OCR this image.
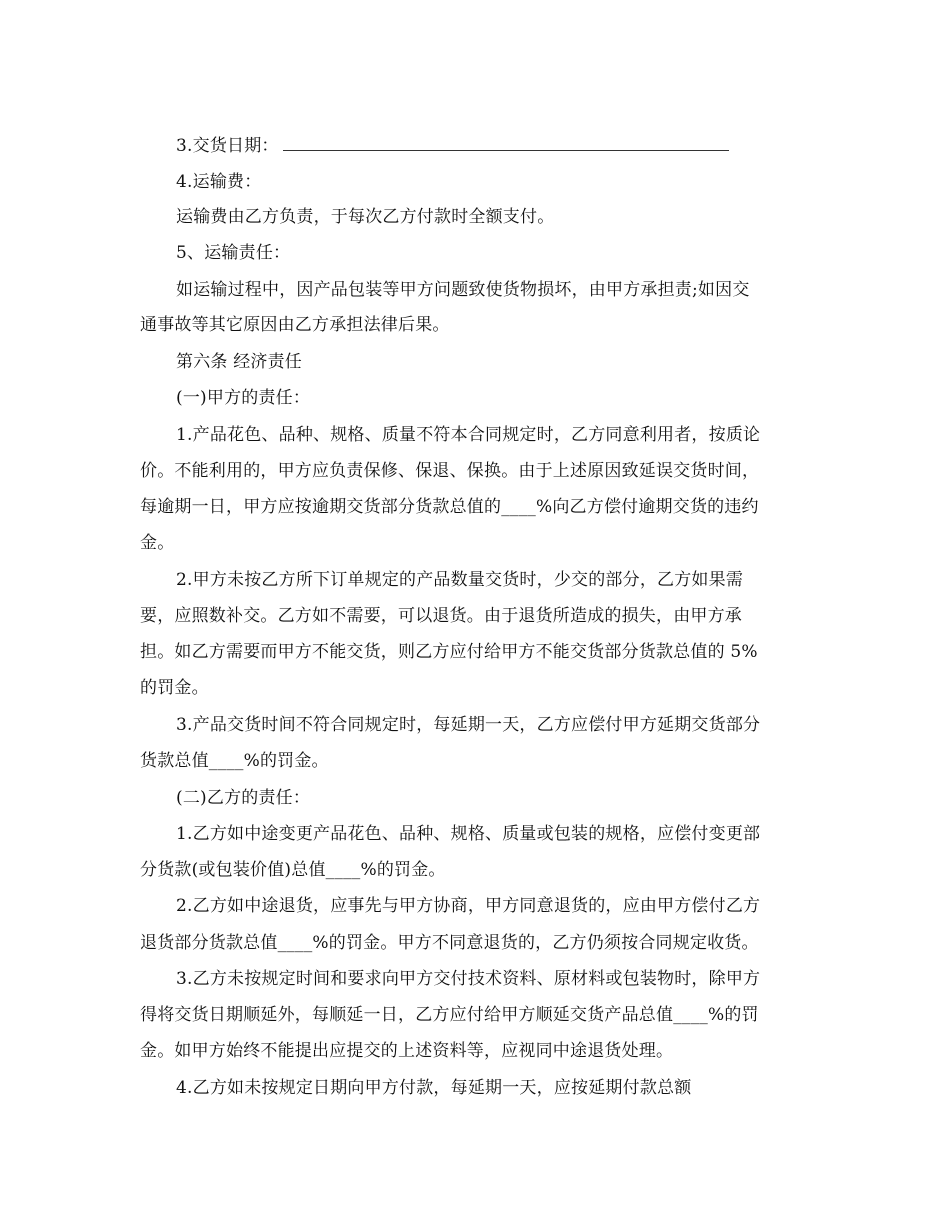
3.交货日期：
4.运输费：
运输费由乙方负责，于每次乙方付款时全额支付。
5、运输责任：
如运输过程中，因产品包装等甲方问题致使货物损坏，由甲方承担责;如因交
通事故等其它原因由乙方承担法律后果。
第六条 经济责任
(一)甲方的责任：
1.产品花色、品种、规格、质量不符本合同规定时，乙方同意利用者，按质论
价。不能利用的，甲方应负责保修、保退、保换。由于上述原因致延误交货时间，
每逾期一日，甲方应按逾期交货部分货款总值的____%向乙方偿付逾期交货的违约
金。
2.甲方未按乙方所下订单规定的产品数量交货时，少交的部分，乙方如果需
要，应照数补交。乙方如不需要，可以退货。由于退货所造成的损失，由甲方承
担。如乙方需要而甲方不能交货，则乙方应付给甲方不能交货部分货款总值的 5%
的罚金。
3.产品交货时间不符合同规定时，每延期一天，乙方应偿付甲方延期交货部分
货款总值____%的罚金。
(二)乙方的责任：
1.乙方如中途变更产品花色、品种、规格、质量或包装的规格，应偿付变更部
分货款(或包装价值)总值____%的罚金。
2.乙方如中途退货，应事先与甲方协商，甲方同意退货的，应由甲方偿付乙方
退货部分货款总值____%的罚金。甲方不同意退货的，乙方仍须按合同规定收货。
3.乙方未按规定时间和要求向甲方交付技术资料、原材料或包装物时，除甲方
得将交货日期顺延外，每顺延一日，乙方应付给甲方顺延交货产品总值____%的罚
金。如甲方始终不能提出应提交的上述资料等，应视同中途退货处理。
4.乙方如未按规定日期向甲方付款，每延期一天，应按延期付款总额
